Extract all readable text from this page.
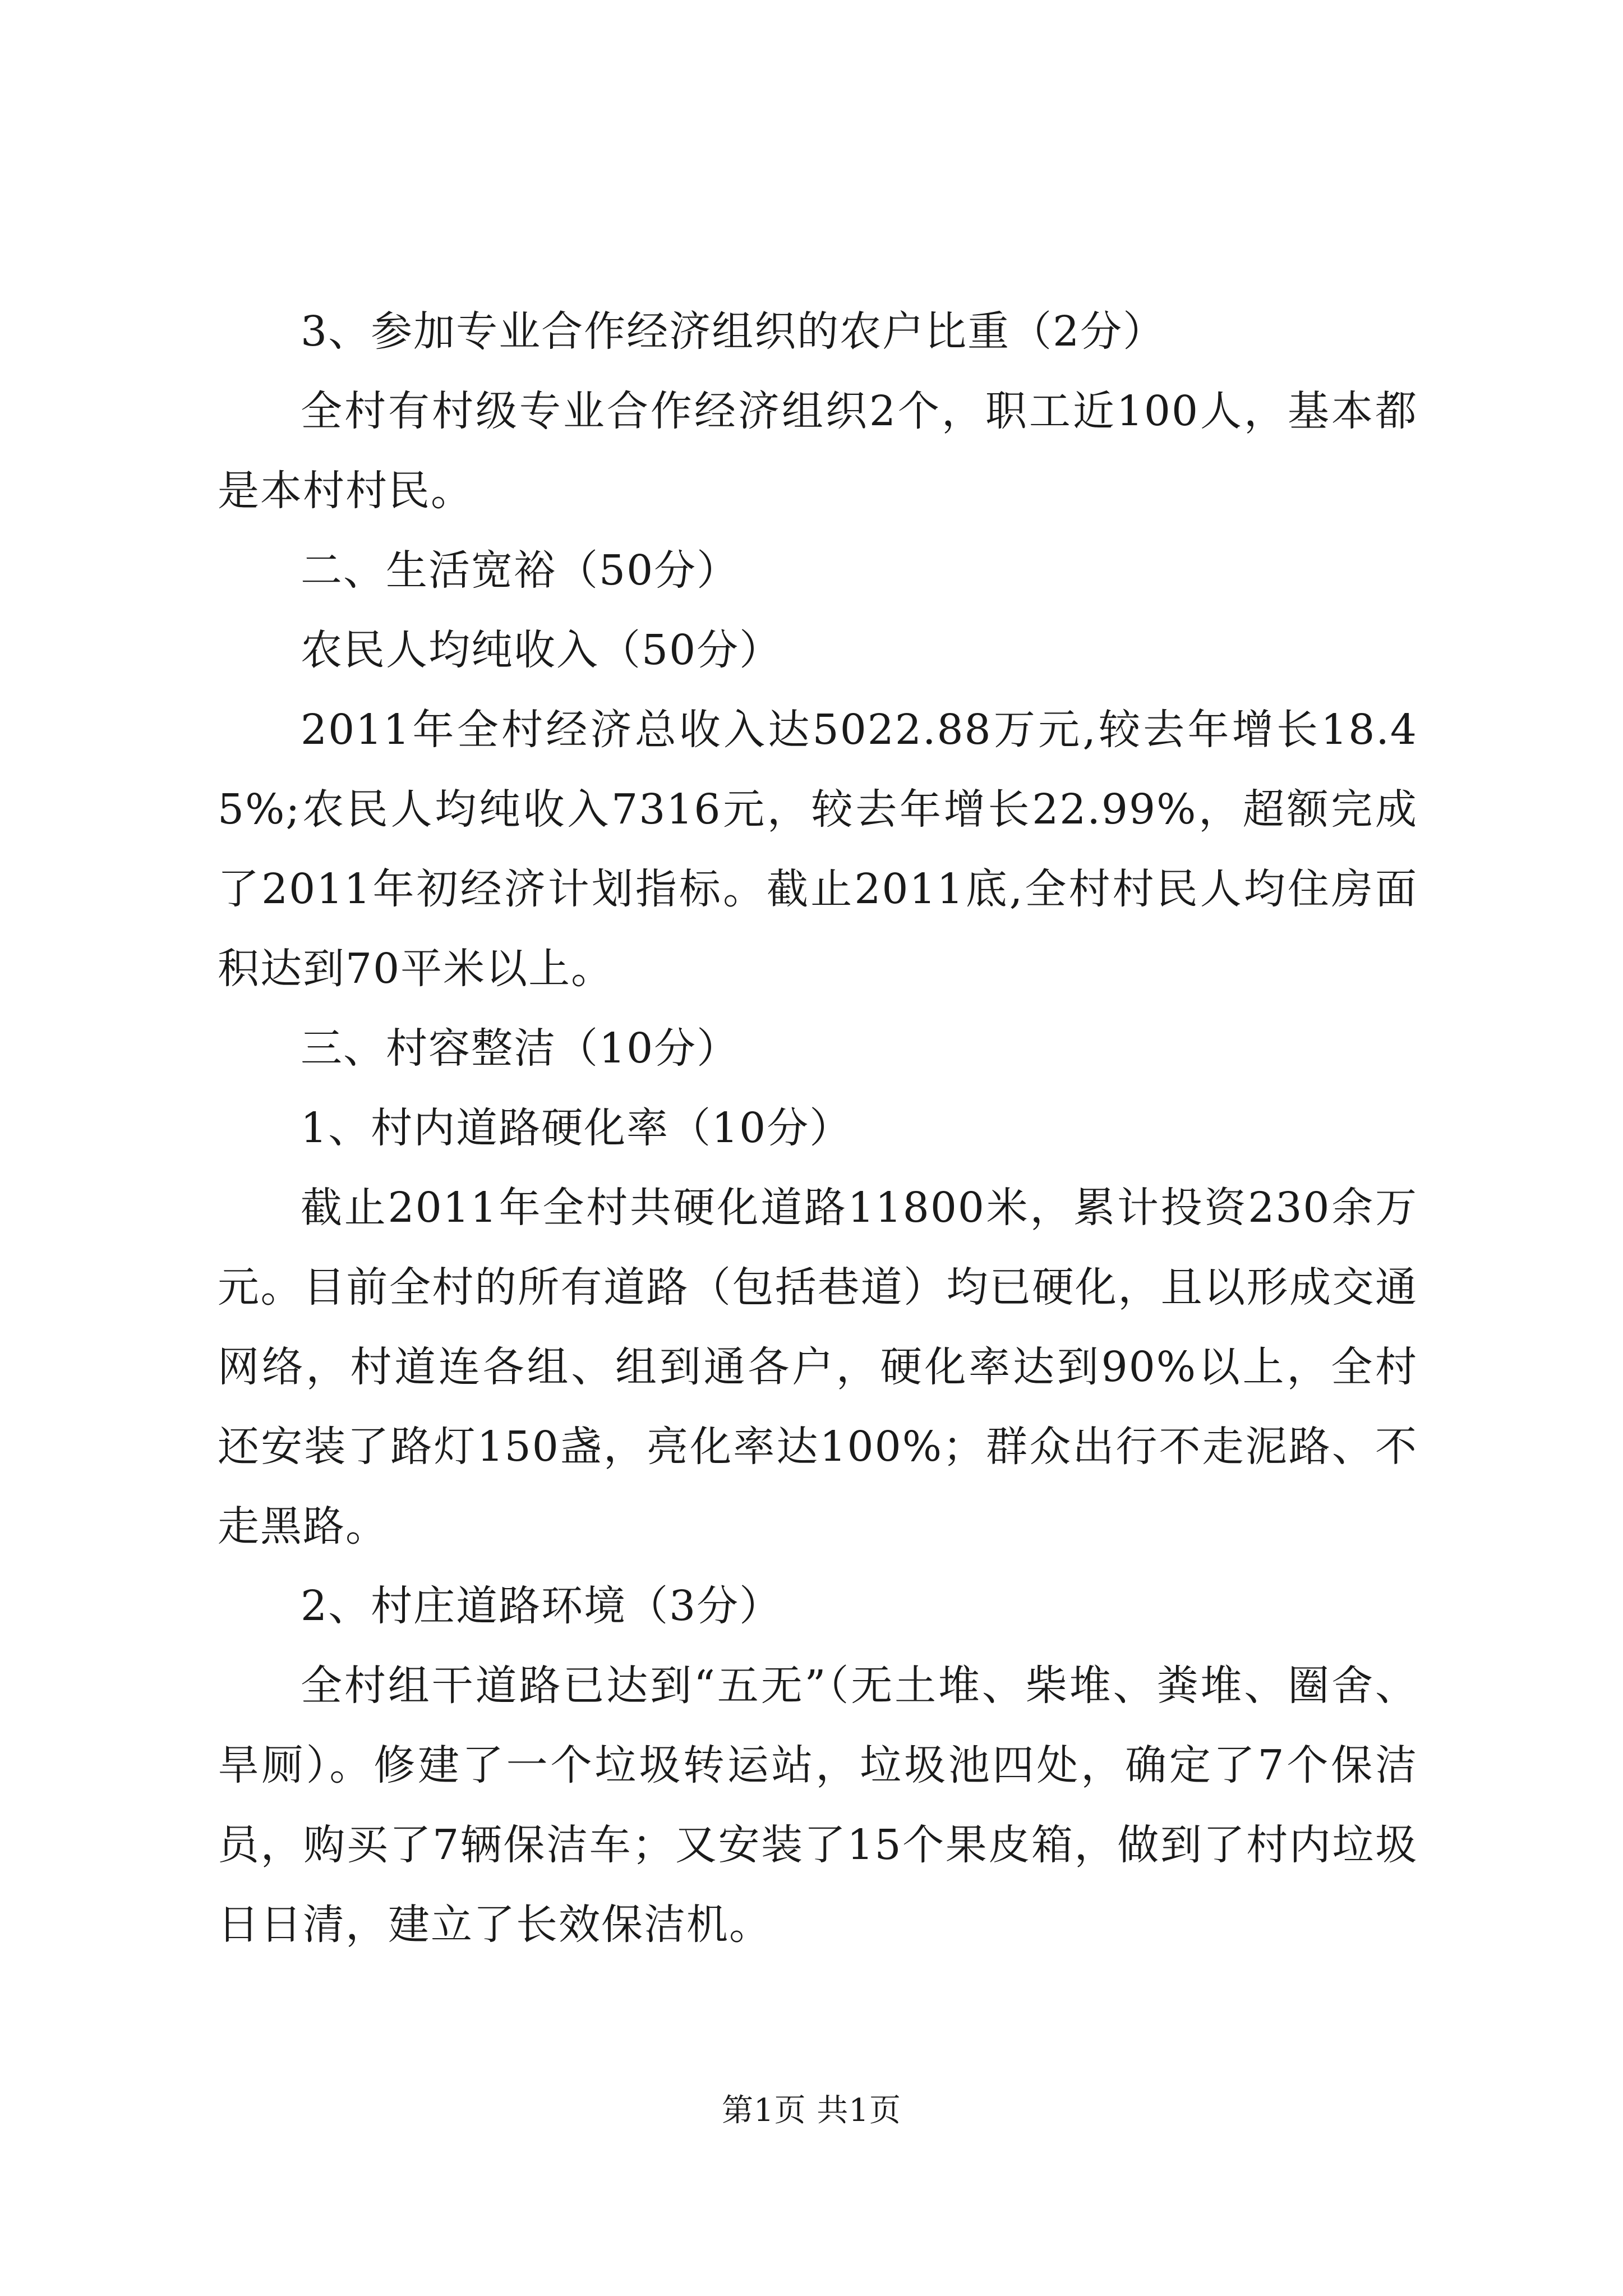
3、参加专业合作经济组织的农户比重（2分）

全村有村级专业合作经济组织2个，职工近100人，基本都是本村村民。

二、生活宽裕（50分）

农民人均纯收入（50分）

2011年全村经济总收入达5022.88万元,较去年增长18.45%;农民人均纯收入7316元，较去年增长22.99%，超额完成了2011年初经济计划指标。截止2011底,全村村民人均住房面积达到70平米以上。

三、村容整洁（10分）

1、村内道路硬化率（10分）

截止2011年全村共硬化道路11800米，累计投资230余万元。目前全村的所有道路（包括巷道）均已硬化，且以形成交通网络，村道连各组、组到通各户，硬化率达到90%以上，全村还安装了路灯150盏，亮化率达100%；群众出行不走泥路、不走黑路。

2、村庄道路环境（3分）

全村组干道路已达到“五无”（无土堆、柴堆、粪堆、圈舍、旱厕）。修建了一个垃圾转运站，垃圾池四处，确定了7个保洁员，购买了7辆保洁车；又安装了15个果皮箱，做到了村内垃圾日日清，建立了长效保洁机。

第1页 共1页
